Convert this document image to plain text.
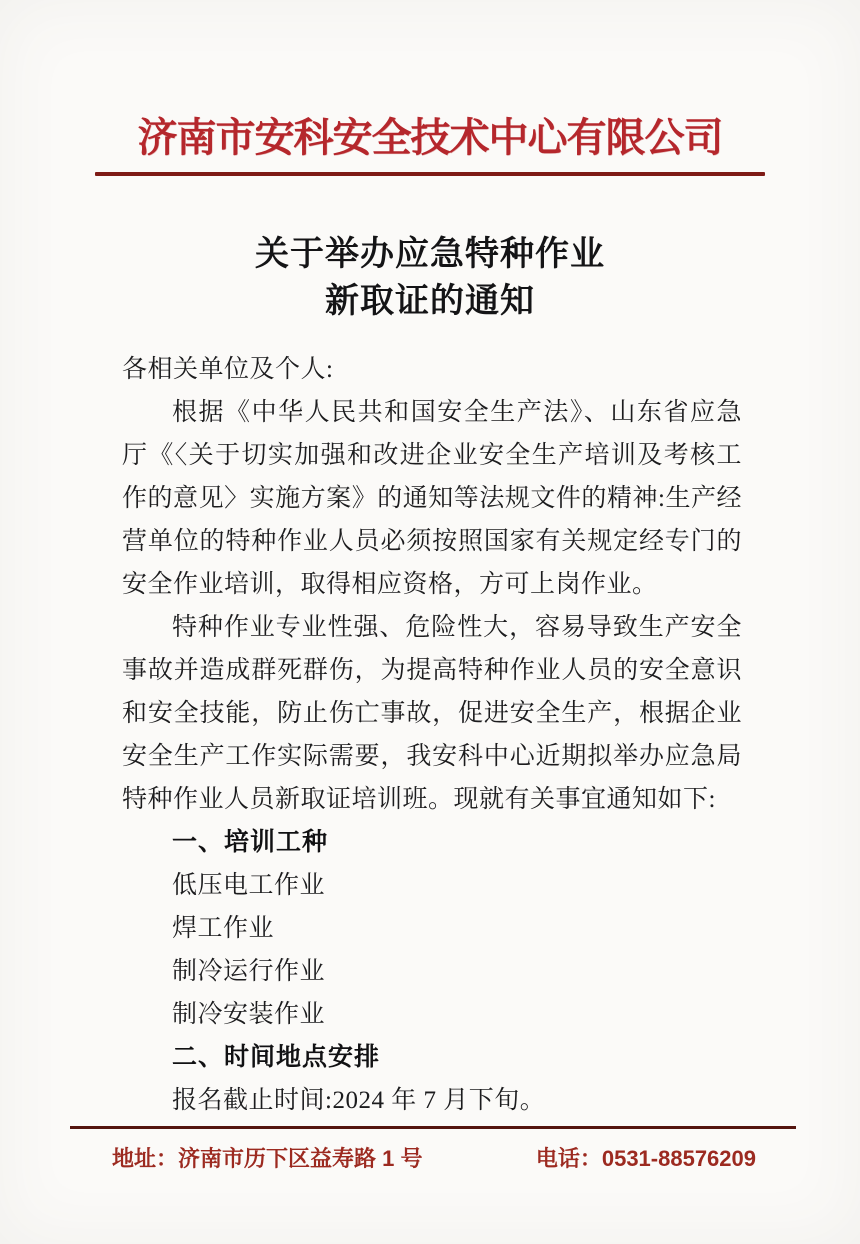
济南市安科安全技术中心有限公司
关于举办应急特种作业
新取证的通知

各相关单位及个人:

根据《中华人民共和国安全生产法》、山东省应急厅《〈关于切实加强和改进企业安全生产培训及考核工作的意见〉实施方案》的通知等法规文件的精神:生产经营单位的特种作业人员必须按照国家有关规定经专门的安全作业培训，取得相应资格，方可上岗作业。

特种作业专业性强、危险性大，容易导致生产安全事故并造成群死群伤，为提高特种作业人员的安全意识和安全技能，防止伤亡事故，促进安全生产，根据企业安全生产工作实际需要，我安科中心近期拟举办应急局特种作业人员新取证培训班。现就有关事宜通知如下:

一、培训工种

低压电工作业

焊工作业

制冷运行作业

制冷安装作业

二、时间地点安排

报名截止时间:2024 年 7 月下旬。

地址：济南市历下区益寿路 1 号	电话：0531-88576209
